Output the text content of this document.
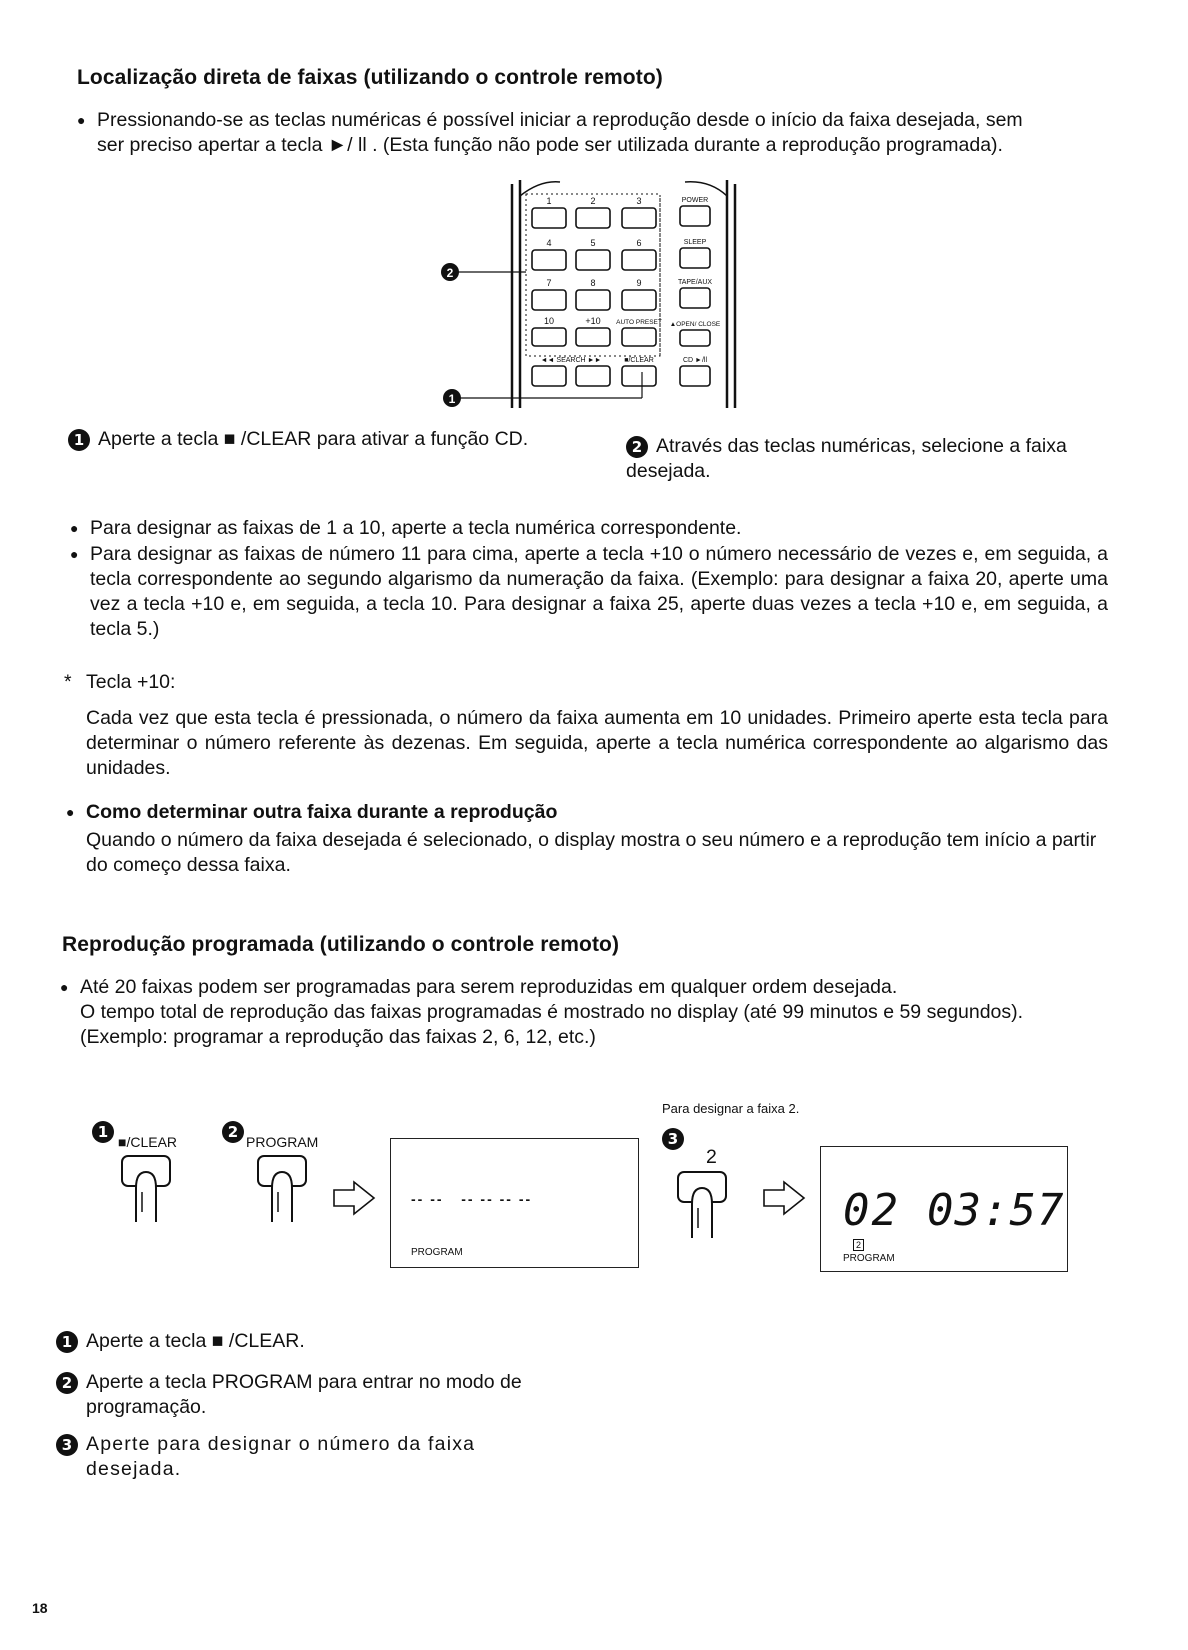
Localização direta de faixas (utilizando o controle remoto)
● Pressionando-se as teclas numéricas é possível iniciar a reprodução desde o início da faixa desejada, sem
ser preciso apertar a tecla ►/ ll . (Esta função não pode ser utilizada durante a reprodução programada).
1	2	3	POWER
4	5	6	SLEEP
7	8	9	TAPE/AUX
10	+10 AUTO PRESET ▲OPEN/ CLOSE
◄◄ SEARCH ►►	■/CLEAR	CD ►/ll
2
1
1 Aperte a tecla ■ /CLEAR para ativar a função CD.	2 Através das teclas numéricas, selecione a faixa desejada.
● Para designar as faixas de 1 a 10, aperte a tecla numérica correspondente.
● Para designar as faixas de número 11 para cima, aperte a tecla +10 o número necessário de vezes e, em seguida, a tecla correspondente ao segundo algarismo da numeração da faixa. (Exemplo: para designar a faixa 20, aperte uma vez a tecla +10 e, em seguida, a tecla 10. Para designar a faixa 25, aperte duas vezes a tecla +10 e, em seguida, a tecla 5.)
* Tecla +10:
Cada vez que esta tecla é pressionada, o número da faixa aumenta em 10 unidades. Primeiro aperte esta tecla para determinar o número referente às dezenas. Em seguida, aperte a tecla numérica correspondente ao algarismo das unidades.
● Como determinar outra faixa durante a reprodução
Quando o número da faixa desejada é selecionado, o display mostra o seu número e a reprodução tem início a partir do começo dessa faixa.
Reprodução programada (utilizando o controle remoto)
● Até 20 faixas podem ser programadas para serem reproduzidas em qualquer ordem desejada.
O tempo total de reprodução das faixas programadas é mostrado no display (até 99 minutos e 59 segundos).
(Exemplo: programar a reprodução das faixas 2, 6, 12, etc.)
Para designar a faixa 2.
1
■/CLEAR
2
PROGRAM	3
2
-- --   -- -- -- --
PROGRAM
02 03:57
2
PROGRAM
1 Aperte a tecla ■ /CLEAR.
2 Aperte a tecla PROGRAM para entrar no modo de programação.
3 Aperte para designar o número da faixa desejada.
18
